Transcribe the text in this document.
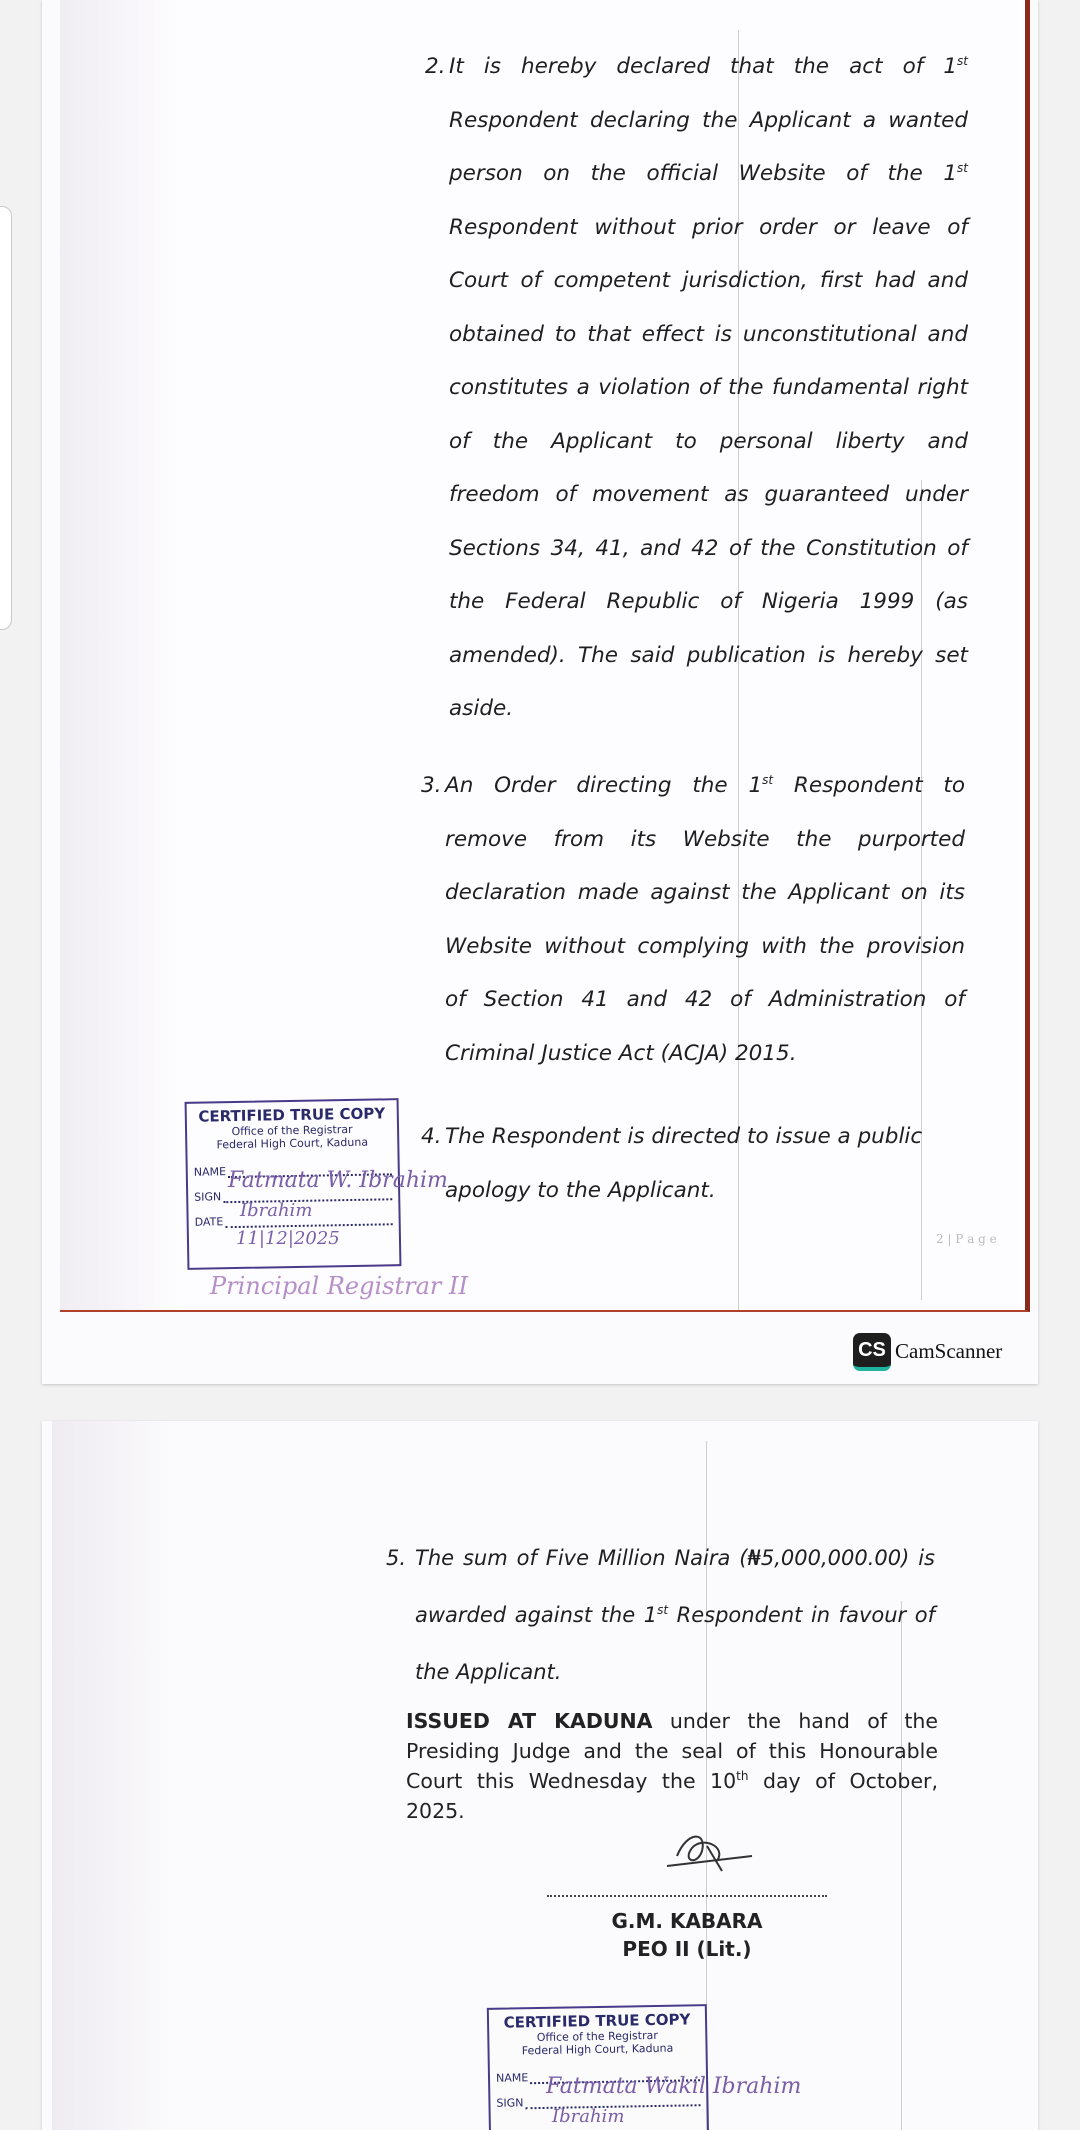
2. It is hereby declared that the act of 1st Respondent declaring the Applicant a wanted person on the official Website of the 1st Respondent without prior order or leave of Court of competent jurisdiction, first had and obtained to that effect is unconstitutional and constitutes a violation of the fundamental right of the Applicant to personal liberty and freedom of movement as guaranteed under Sections 34, 41, and 42 of the Constitution of the Federal Republic of Nigeria 1999 (as amended). The said publication is hereby set aside.

3. An Order directing the 1st Respondent to remove from its Website the purported declaration made against the Applicant on its Website without complying with the provision of Section 41 and 42 of Administration of Criminal Justice Act (ACJA) 2015.

4. The Respondent is directed to issue a public apology to the Applicant.

2 | P a g e
CERTIFIED TRUE COPY
Office of the Registrar
Federal High Court, Kaduna
NAME
SIGN
DATE
Fatmata W. Ibrahim
Ibrahim
11|12|2025
Principal Registrar II
CS CamScanner
5. The sum of Five Million Naira (₦5,000,000.00) is awarded against the 1st Respondent in favour of the Applicant.

ISSUED AT KADUNA under the hand of the Presiding Judge and the seal of this Honourable Court this Wednesday the 10th day of October, 2025.
G.M. KABARA
PEO II (Lit.)
CERTIFIED TRUE COPY
Office of the Registrar
Federal High Court, Kaduna
NAME
SIGN
Fatmata Wakil Ibrahim
Ibrahim
